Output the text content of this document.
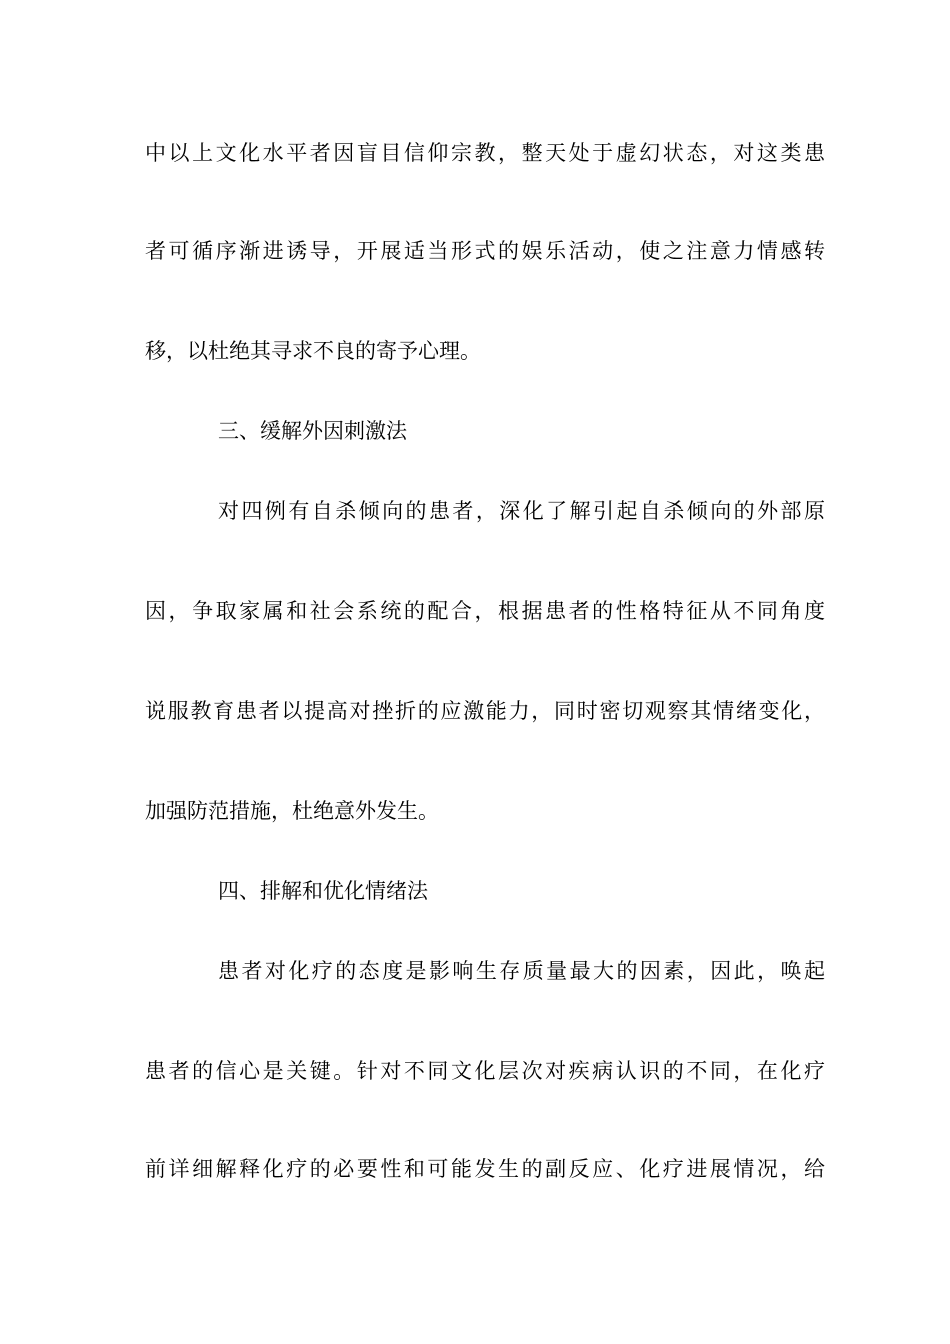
中以上文化水平者因盲目信仰宗教，整天处于虚幻状态，对这类患
者可循序渐进诱导，开展适当形式的娱乐活动，使之注意力情感转
移，以杜绝其寻求不良的寄予心理。
三、缓解外因刺激法
对四例有自杀倾向的患者，深化了解引起自杀倾向的外部原
因，争取家属和社会系统的配合，根据患者的性格特征从不同角度
说服教育患者以提高对挫折的应激能力，同时密切观察其情绪变化，
加强防范措施，杜绝意外发生。
四、排解和优化情绪法
患者对化疗的态度是影响生存质量最大的因素，因此，唤起
患者的信心是关键。针对不同文化层次对疾病认识的不同，在化疗
前详细解释化疗的必要性和可能发生的副反应、化疗进展情况，给
